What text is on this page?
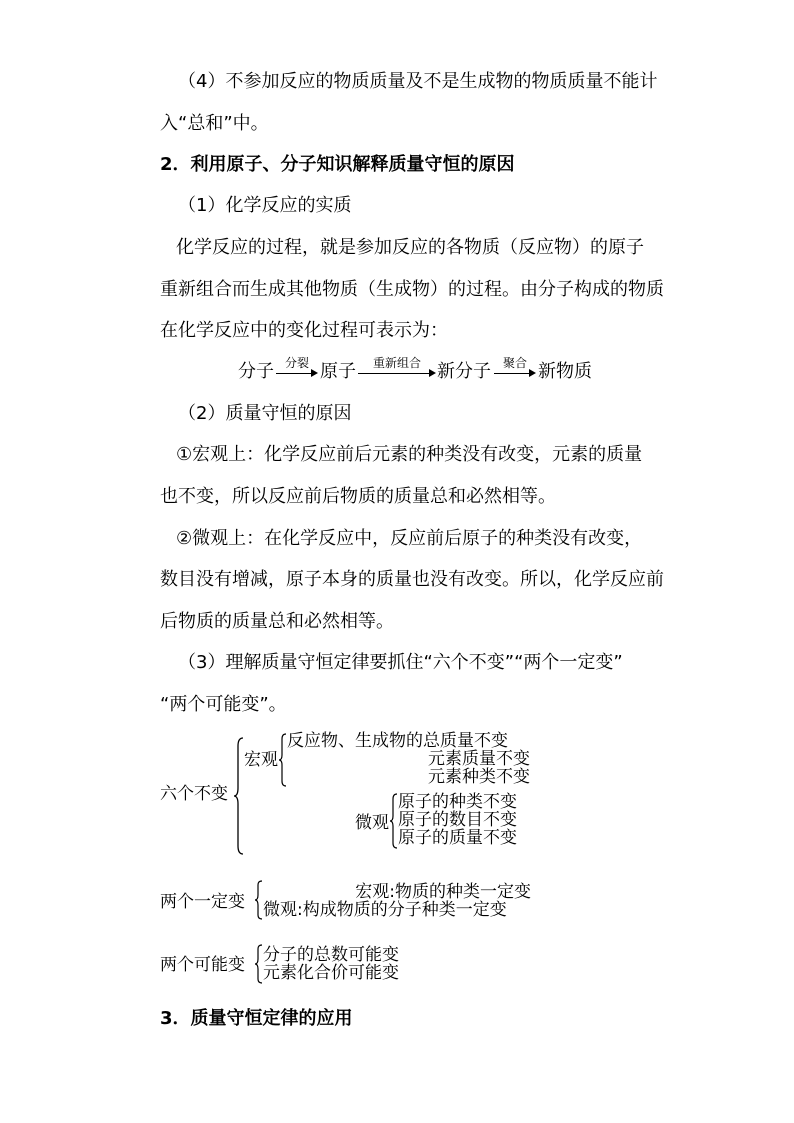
（4）不参加反应的物质质量及不是生成物的物质质量不能计
入“总和”中。
2．利用原子、分子知识解释质量守恒的原因
（1）化学反应的实质
化学反应的过程，就是参加反应的各物质（反应物）的原子
重新组合而生成其他物质（生成物）的过程。由分子构成的物质
在化学反应中的变化过程可表示为：
分子 分裂 原子	重新组合 新分子 聚合 新物质
（2）质量守恒的原因
①宏观上：化学反应前后元素的种类没有改变，元素的质量
也不变，所以反应前后物质的质量总和必然相等。
②微观上：在化学反应中，反应前后原子的种类没有改变，
数目没有增减，原子本身的质量也没有改变。所以，化学反应前
后物质的质量总和必然相等。
（3）理解质量守恒定律要抓住“六个不变”“两个一定变”
“两个可能变”。
六个不变
宏观
反应物、生成物的总质量不变
元素质量不变
元素种类不变
微观
原子的种类不变
原子的数目不变
原子的质量不变
两个一定变	宏观:物质的种类一定变
微观:构成物质的分子种类一定变
两个可能变 分子的总数可能变
元素化合价可能变
3．质量守恒定律的应用
